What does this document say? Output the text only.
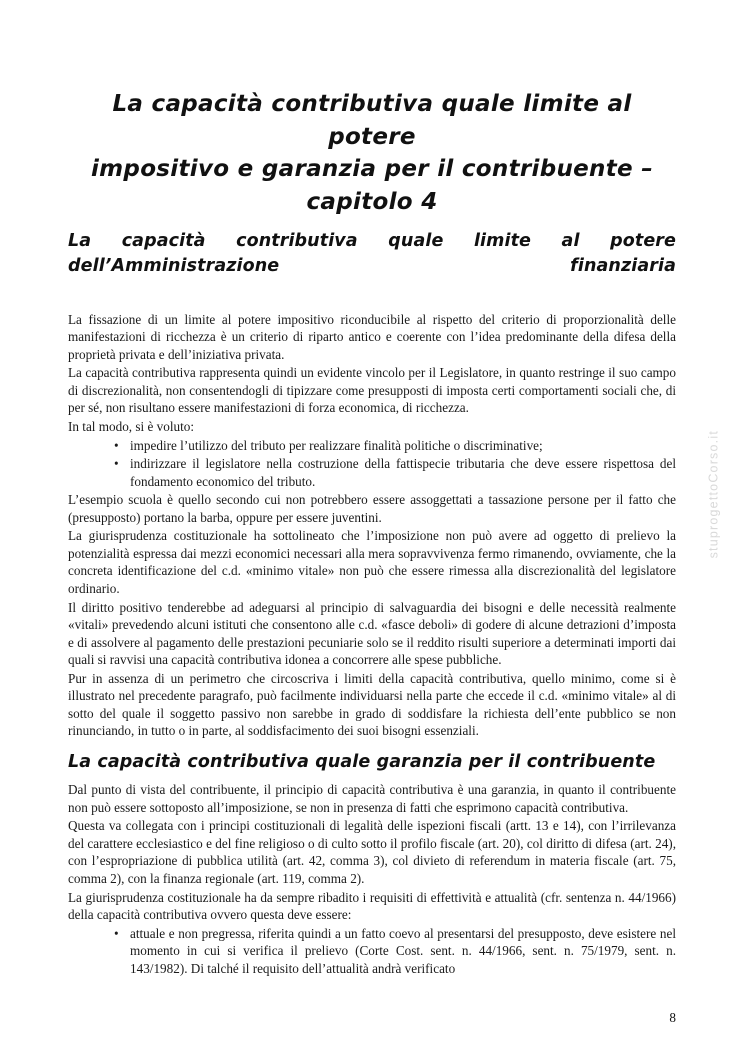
La capacità contributiva quale limite al potere
impositivo e garanzia per il contribuente –
capitolo 4
La capacità contributiva quale limite al potere dell’Amministrazione finanziaria

La fissazione di un limite al potere impositivo riconducibile al rispetto del criterio di proporzionalità delle manifestazioni di ricchezza è un criterio di riparto antico e coerente con l’idea predominante della difesa della proprietà privata e dell’iniziativa privata.

La capacità contributiva rappresenta quindi un evidente vincolo per il Legislatore, in quanto restringe il suo campo di discrezionalità, non consentendogli di tipizzare come presupposti di imposta certi comportamenti sociali che, di per sé, non risultano essere manifestazioni di forza economica, di ricchezza.

In tal modo, si è voluto:

• impedire l’utilizzo del tributo per realizzare finalità politiche o discriminative;
• indirizzare il legislatore nella costruzione della fattispecie tributaria che deve essere rispettosa del fondamento economico del tributo.

L’esempio scuola è quello secondo cui non potrebbero essere assoggettati a tassazione persone per il fatto che (presupposto) portano la barba, oppure per essere juventini.

La giurisprudenza costituzionale ha sottolineato che l’imposizione non può avere ad oggetto di prelievo la potenzialità espressa dai mezzi economici necessari alla mera sopravvivenza fermo rimanendo, ovviamente, che la concreta identificazione del c.d. «minimo vitale» non può che essere rimessa alla discrezionalità del legislatore ordinario.

Il diritto positivo tenderebbe ad adeguarsi al principio di salvaguardia dei bisogni e delle necessità realmente «vitali» prevedendo alcuni istituti che consentono alle c.d. «fasce deboli» di godere di alcune detrazioni d’imposta e di assolvere al pagamento delle prestazioni pecuniarie solo se il reddito risulti superiore a determinati importi dai quali si ravvisi una capacità contributiva idonea a concorrere alle spese pubbliche.

Pur in assenza di un perimetro che circoscriva i limiti della capacità contributiva, quello minimo, come si è illustrato nel precedente paragrafo, può facilmente individuarsi nella parte che eccede il c.d. «minimo vitale» al di sotto del quale il soggetto passivo non sarebbe in grado di soddisfare la richiesta dell’ente pubblico se non rinunciando, in tutto o in parte, al soddisfacimento dei suoi bisogni essenziali.

La capacità contributiva quale garanzia per il contribuente

Dal punto di vista del contribuente, il principio di capacità contributiva è una garanzia, in quanto il contribuente non può essere sottoposto all’imposizione, se non in presenza di fatti che esprimono capacità contributiva.

Questa va collegata con i principi costituzionali di legalità delle ispezioni fiscali (artt. 13 e 14), con l’irrilevanza del carattere ecclesiastico e del fine religioso o di culto sotto il profilo fiscale (art. 20), col diritto di difesa (art. 24), con l’espropriazione di pubblica utilità (art. 42, comma 3), col divieto di referendum in materia fiscale (art. 75, comma 2), con la finanza regionale (art. 119, comma 2).

La giurisprudenza costituzionale ha da sempre ribadito i requisiti di effettività e attualità (cfr. sentenza n. 44/1966) della capacità contributiva ovvero questa deve essere:

• attuale e non pregressa, riferita quindi a un fatto coevo al presentarsi del presupposto, deve esistere nel momento in cui si verifica il prelievo (Corte Cost. sent. n. 44/1966, sent. n. 75/1979, sent. n. 143/1982). Di talché il requisito dell’attualità andrà verificato
8
stuprogettoCorso.it
